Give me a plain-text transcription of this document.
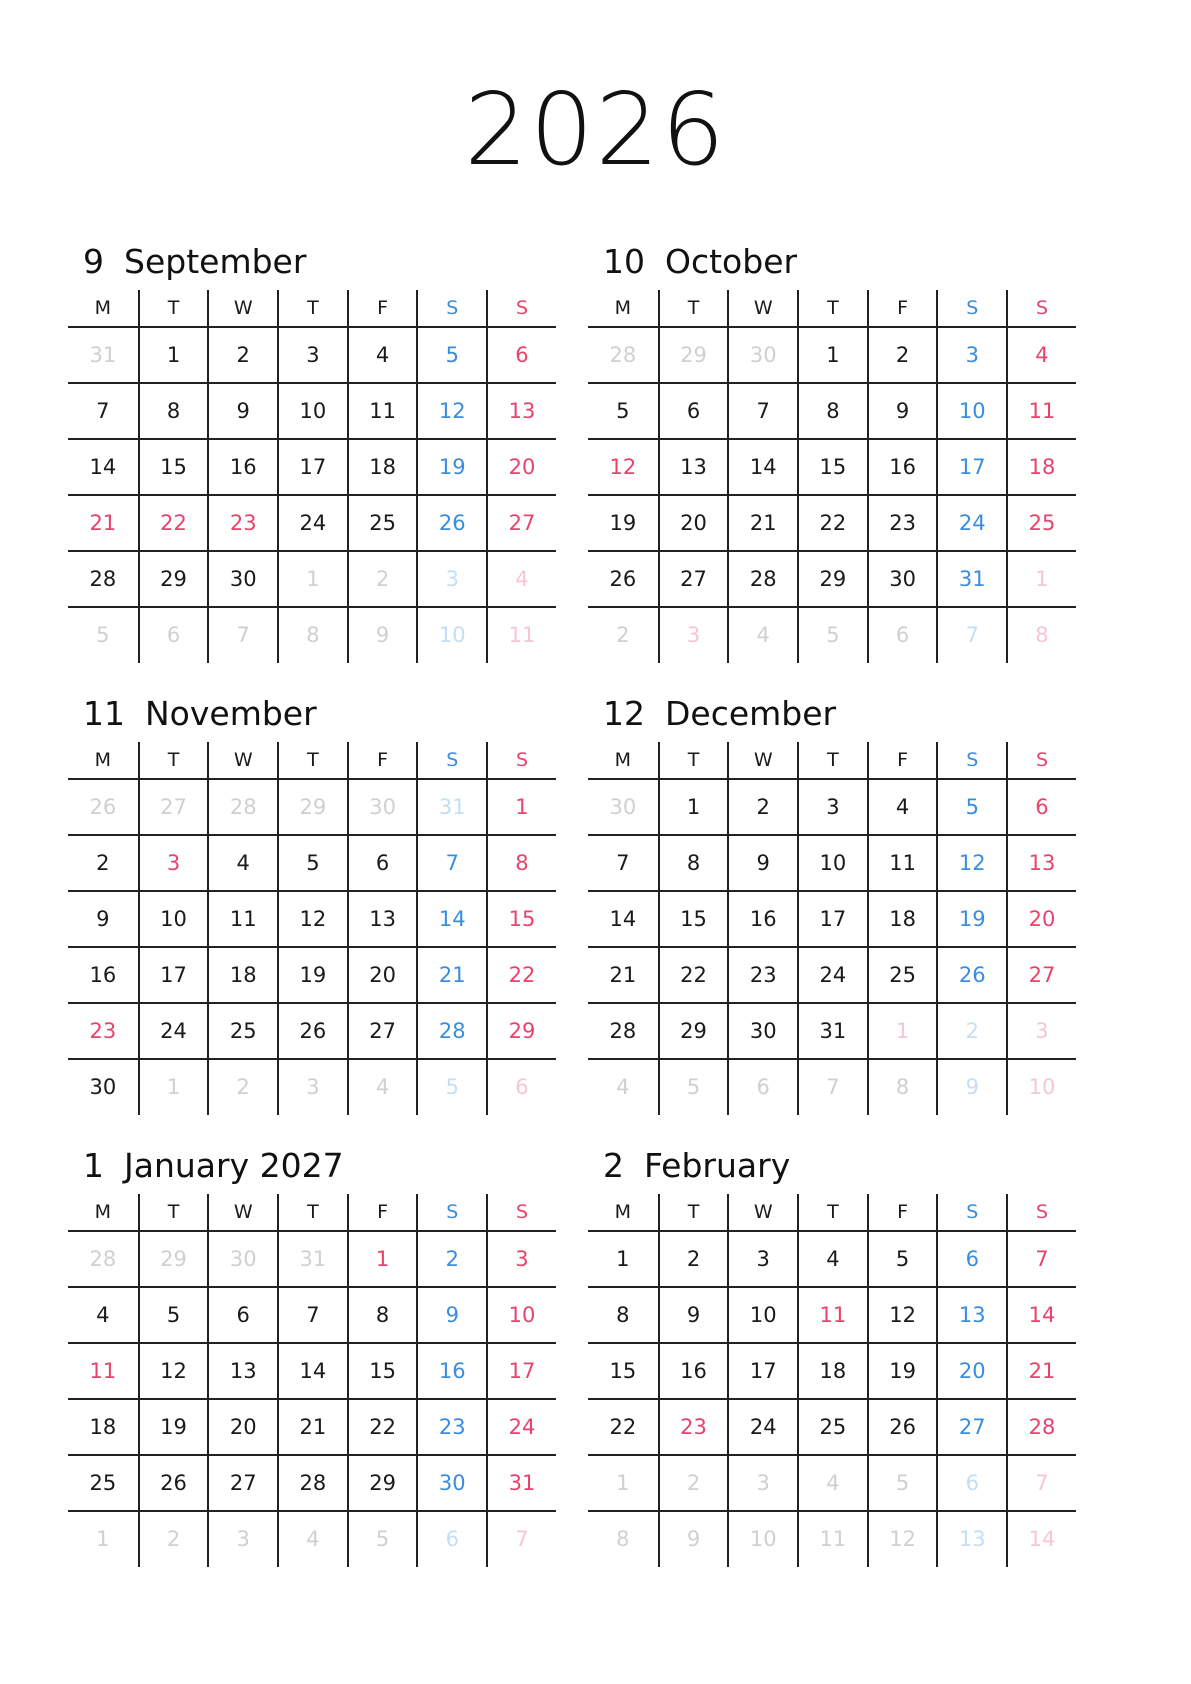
2026
9 September
M	T	W	T	F	S	S
31	1	2	3	4	5	6
7	8	9	10	11	12	13
14	15	16	17	18	19	20
21	22	23	24	25	26	27
28	29	30	1	2	3	4
5	6	7	8	9	10	11
10 October
M	T	W	T	F	S	S
28	29	30	1	2	3	4
5	6	7	8	9	10	11
12	13	14	15	16	17	18
19	20	21	22	23	24	25
26	27	28	29	30	31	1
2	3	4	5	6	7	8
11 November
M	T	W	T	F	S	S
26	27	28	29	30	31	1
2	3	4	5	6	7	8
9	10	11	12	13	14	15
16	17	18	19	20	21	22
23	24	25	26	27	28	29
30	1	2	3	4	5	6
12 December
M	T	W	T	F	S	S
30	1	2	3	4	5	6
7	8	9	10	11	12	13
14	15	16	17	18	19	20
21	22	23	24	25	26	27
28	29	30	31	1	2	3
4	5	6	7	8	9	10
1 January 2027
M	T	W	T	F	S	S
28	29	30	31	1	2	3
4	5	6	7	8	9	10
11	12	13	14	15	16	17
18	19	20	21	22	23	24
25	26	27	28	29	30	31
1	2	3	4	5	6	7
2 February
M	T	W	T	F	S	S
1	2	3	4	5	6	7
8	9	10	11	12	13	14
15	16	17	18	19	20	21
22	23	24	25	26	27	28
1	2	3	4	5	6	7
8	9	10	11	12	13	14
